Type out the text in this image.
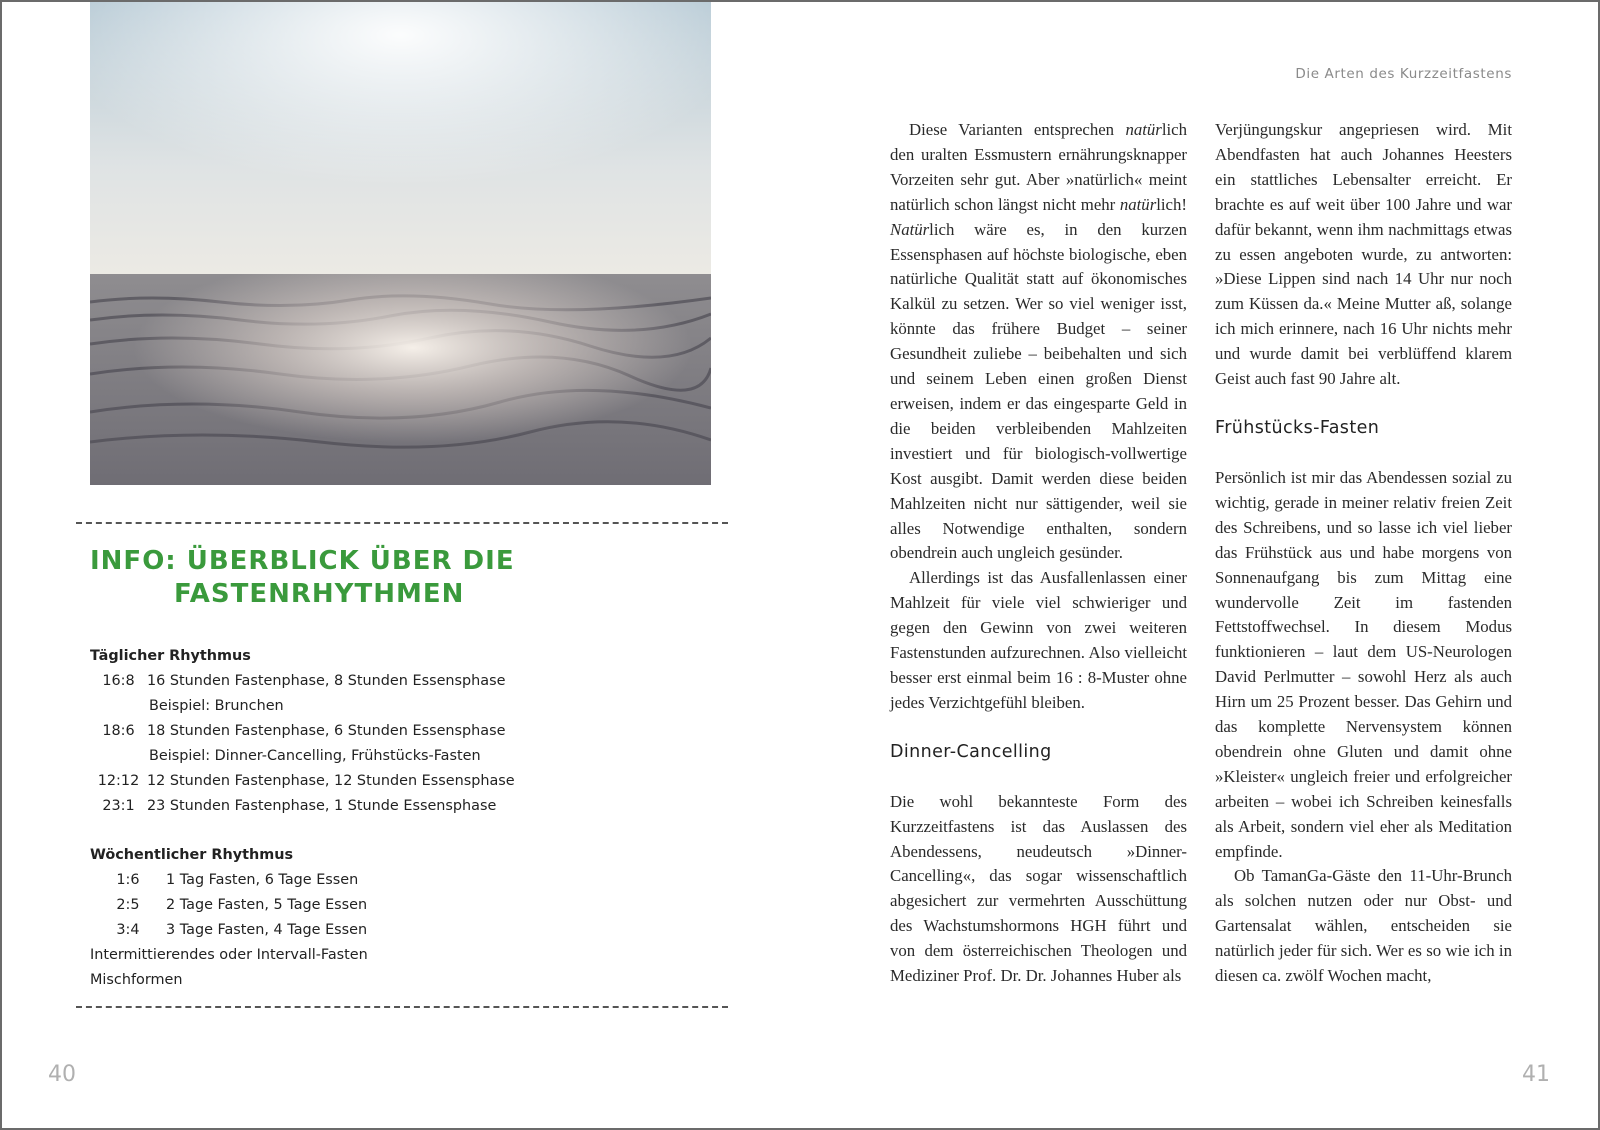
INFO: ÜBERBLICK ÜBER DIE
FASTENRHYTHMEN
Täglicher Rhythmus
16:8 16 Stunden Fastenphase, 8 Stunden Essensphase
Beispiel: Brunchen
18:6 18 Stunden Fastenphase, 6 Stunden Essensphase
Beispiel: Dinner-Cancelling, Frühstücks-Fasten
12:12 12 Stunden Fastenphase, 12 Stunden Essensphase
23:1 23 Stunden Fastenphase, 1 Stunde Essensphase
Wöchentlicher Rhythmus
1:6	1 Tag Fasten, 6 Tage Essen
2:5	2 Tage Fasten, 5 Tage Essen
3:4	3 Tage Fasten, 4 Tage Essen
Intermittierendes oder Intervall-Fasten
Mischformen
Die Arten des Kurzzeitfastens

Diese Varianten entsprechen natürlich den uralten Essmustern ernährungsknapper Vorzeiten sehr gut. Aber »natürlich« meint natürlich schon längst nicht mehr natürlich! Natürlich wäre es, in den kurzen Essensphasen auf höchste biologische, eben natürliche Qualität statt auf ökonomisches Kalkül zu setzen. Wer so viel weniger isst, könnte das frühere Budget – seiner Gesundheit zuliebe – beibehalten und sich und seinem Leben einen großen Dienst erweisen, indem er das eingesparte Geld in die beiden verbleibenden Mahlzeiten investiert und für biologisch-vollwertige Kost ausgibt. Damit werden diese beiden Mahlzeiten nicht nur sättigender, weil sie alles Notwendige enthalten, sondern obendrein auch ungleich gesünder.

Allerdings ist das Ausfallenlassen einer Mahlzeit für viele viel schwieriger und gegen den Gewinn von zwei weiteren Fastenstunden aufzurechnen. Also vielleicht besser erst einmal beim 16 : 8-Muster ohne jedes Verzichtgefühl bleiben.

Dinner-Cancelling

Die wohl bekannteste Form des Kurzzeitfastens ist das Auslassen des Abendessens, neudeutsch »Dinner-Cancelling«, das sogar wissenschaftlich abgesichert zur vermehrten Ausschüttung des Wachstumshormons HGH führt und von dem österreichischen Theologen und Mediziner Prof. Dr. Dr. Johannes Huber als

Verjüngungskur angepriesen wird. Mit Abendfasten hat auch Johannes Heesters ein stattliches Lebensalter erreicht. Er brachte es auf weit über 100 Jahre und war dafür bekannt, wenn ihm nachmittags etwas zu essen angeboten wurde, zu antworten: »Diese Lippen sind nach 14 Uhr nur noch zum Küssen da.« Meine Mutter aß, solange ich mich erinnere, nach 16 Uhr nichts mehr und wurde damit bei verblüffend klarem Geist auch fast 90 Jahre alt.

Frühstücks-Fasten

Persönlich ist mir das Abendessen sozial zu wichtig, gerade in meiner relativ freien Zeit des Schreibens, und so lasse ich viel lieber das Frühstück aus und habe morgens von Sonnenaufgang bis zum Mittag eine wundervolle Zeit im fastenden Fettstoffwechsel. In diesem Modus funktionieren – laut dem US-Neurologen David Perlmutter – sowohl Herz als auch Hirn um 25 Prozent besser. Das Gehirn und das komplette Nervensystem können obendrein ohne Gluten und damit ohne »Kleister« ungleich freier und erfolgreicher arbeiten – wobei ich Schreiben keinesfalls als Arbeit, sondern viel eher als Meditation empfinde.

Ob TamanGa-Gäste den 11-Uhr-Brunch als solchen nutzen oder nur Obst- und Gartensalat wählen, entscheiden sie natürlich jeder für sich. Wer es so wie ich in diesen ca. zwölf Wochen macht,

40	41
